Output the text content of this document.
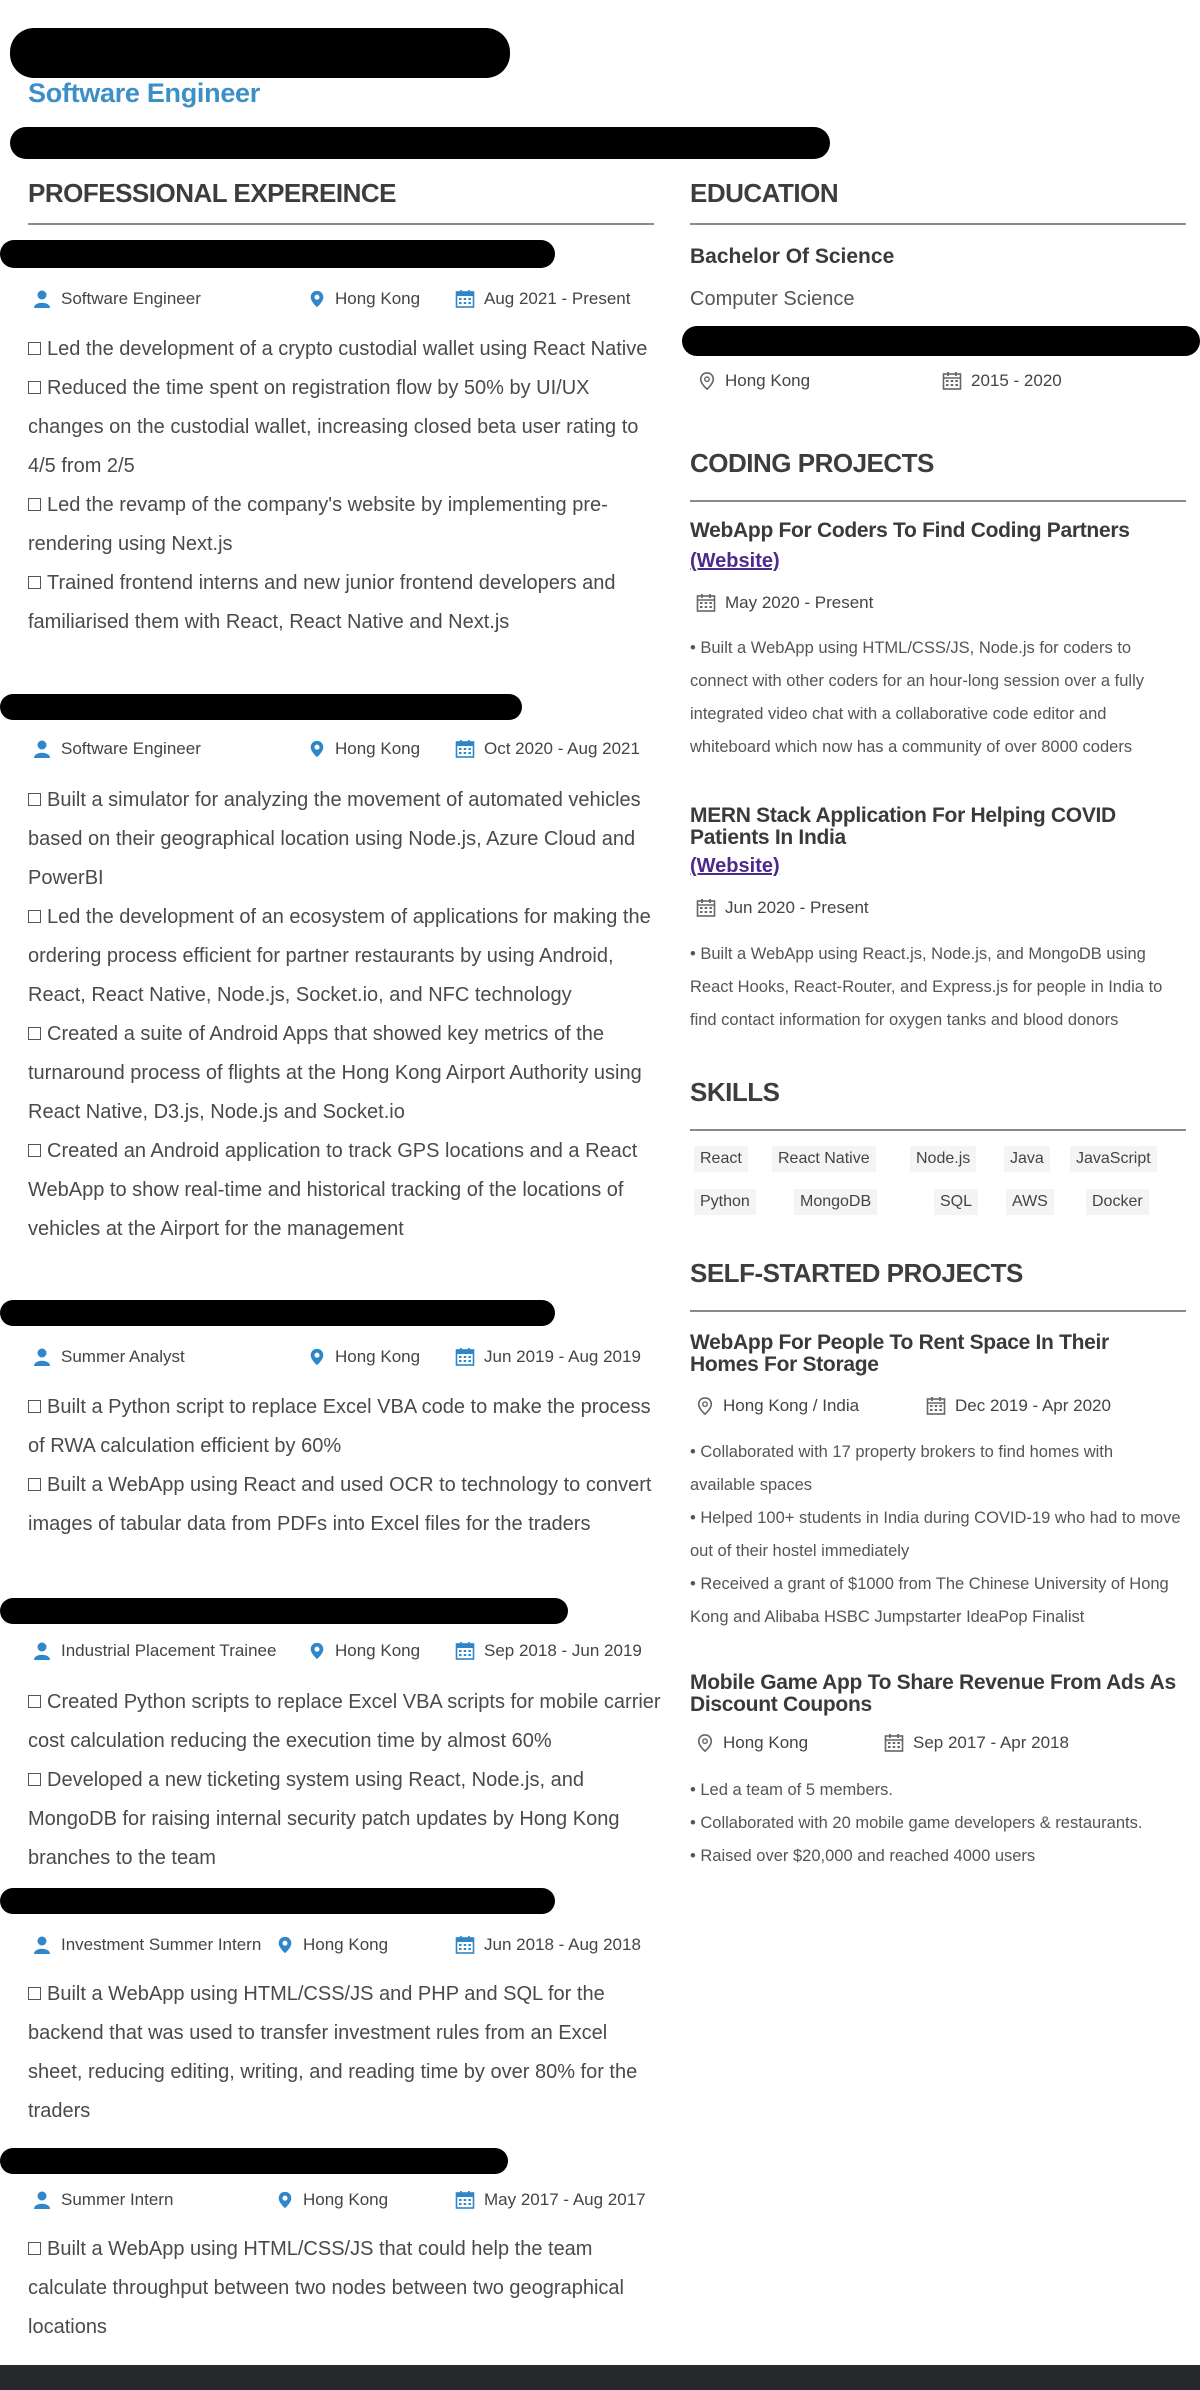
Software Engineer
PROFESSIONAL EXPEREINCE
Software Engineer	Hong Kong	Aug 2021 - Present

Led the development of a crypto custodial wallet using React Native

Reduced the time spent on registration flow by 50% by UI/UX changes on the custodial wallet, increasing closed beta user rating to 4/5 from 2/5

Led the revamp of the company's website by implementing pre-rendering using Next.js

Trained frontend interns and new junior frontend developers and familiarised them with React, React Native and Next.js

Software Engineer	Hong Kong	Oct 2020 - Aug 2021

Built a simulator for analyzing the movement of automated vehicles based on their geographical location using Node.js, Azure Cloud and PowerBI

Led the development of an ecosystem of applications for making the ordering process efficient for partner restaurants by using Android, React, React Native, Node.js, Socket.io, and NFC technology

Created a suite of Android Apps that showed key metrics of the turnaround process of flights at the Hong Kong Airport Authority using React Native, D3.js, Node.js and Socket.io

Created an Android application to track GPS locations and a React WebApp to show real-time and historical tracking of the locations of vehicles at the Airport for the management

Summer Analyst	Hong Kong	Jun 2019 - Aug 2019

Built a Python script to replace Excel VBA code to make the process of RWA calculation efficient by 60%

Built a WebApp using React and used OCR to technology to convert images of tabular data from PDFs into Excel files for the traders

Industrial Placement Trainee	Hong Kong	Sep 2018 - Jun 2019

Created Python scripts to replace Excel VBA scripts for mobile carrier cost calculation reducing the execution time by almost 60%

Developed a new ticketing system using React, Node.js, and MongoDB for raising internal security patch updates by Hong Kong branches to the team

Investment Summer Intern Hong Kong	Jun 2018 - Aug 2018

Built a WebApp using HTML/CSS/JS and PHP and SQL for the backend that was used to transfer investment rules from an Excel sheet, reducing editing, writing, and reading time by over 80% for the traders

Summer Intern	Hong Kong	May 2017 - Aug 2017

Built a WebApp using HTML/CSS/JS that could help the team calculate throughput between two nodes between two geographical locations

EDUCATION
Bachelor Of Science
Computer Science
Hong Kong	2015 - 2020
CODING PROJECTS
WebApp For Coders To Find Coding Partners
(Website)
May 2020 - Present
• Built a WebApp using HTML/CSS/JS, Node.js for coders to connect with other coders for an hour-long session over a fully integrated video chat with a collaborative code editor and whiteboard which now has a community of over 8000 coders
MERN Stack Application For Helping COVID Patients In India
(Website)
Jun 2020 - Present
• Built a WebApp using React.js, Node.js, and MongoDB using React Hooks, React-Router, and Express.js for people in India to find contact information for oxygen tanks and blood donors
SKILLS
React	React Native	Node.js	Java	JavaScript
Python	MongoDB	SQL	AWS	Docker
SELF-STARTED PROJECTS
WebApp For People To Rent Space In Their Homes For Storage
Hong Kong / India	Dec 2019 - Apr 2020

• Collaborated with 17 property brokers to find homes with available spaces

• Helped 100+ students in India during COVID-19 who had to move out of their hostel immediately

• Received a grant of $1000 from The Chinese University of Hong Kong and Alibaba HSBC Jumpstarter IdeaPop Finalist

Mobile Game App To Share Revenue From Ads As Discount Coupons
Hong Kong	Sep 2017 - Apr 2018

• Led a team of 5 members.

• Collaborated with 20 mobile game developers & restaurants.

• Raised over $20,000 and reached 4000 users
